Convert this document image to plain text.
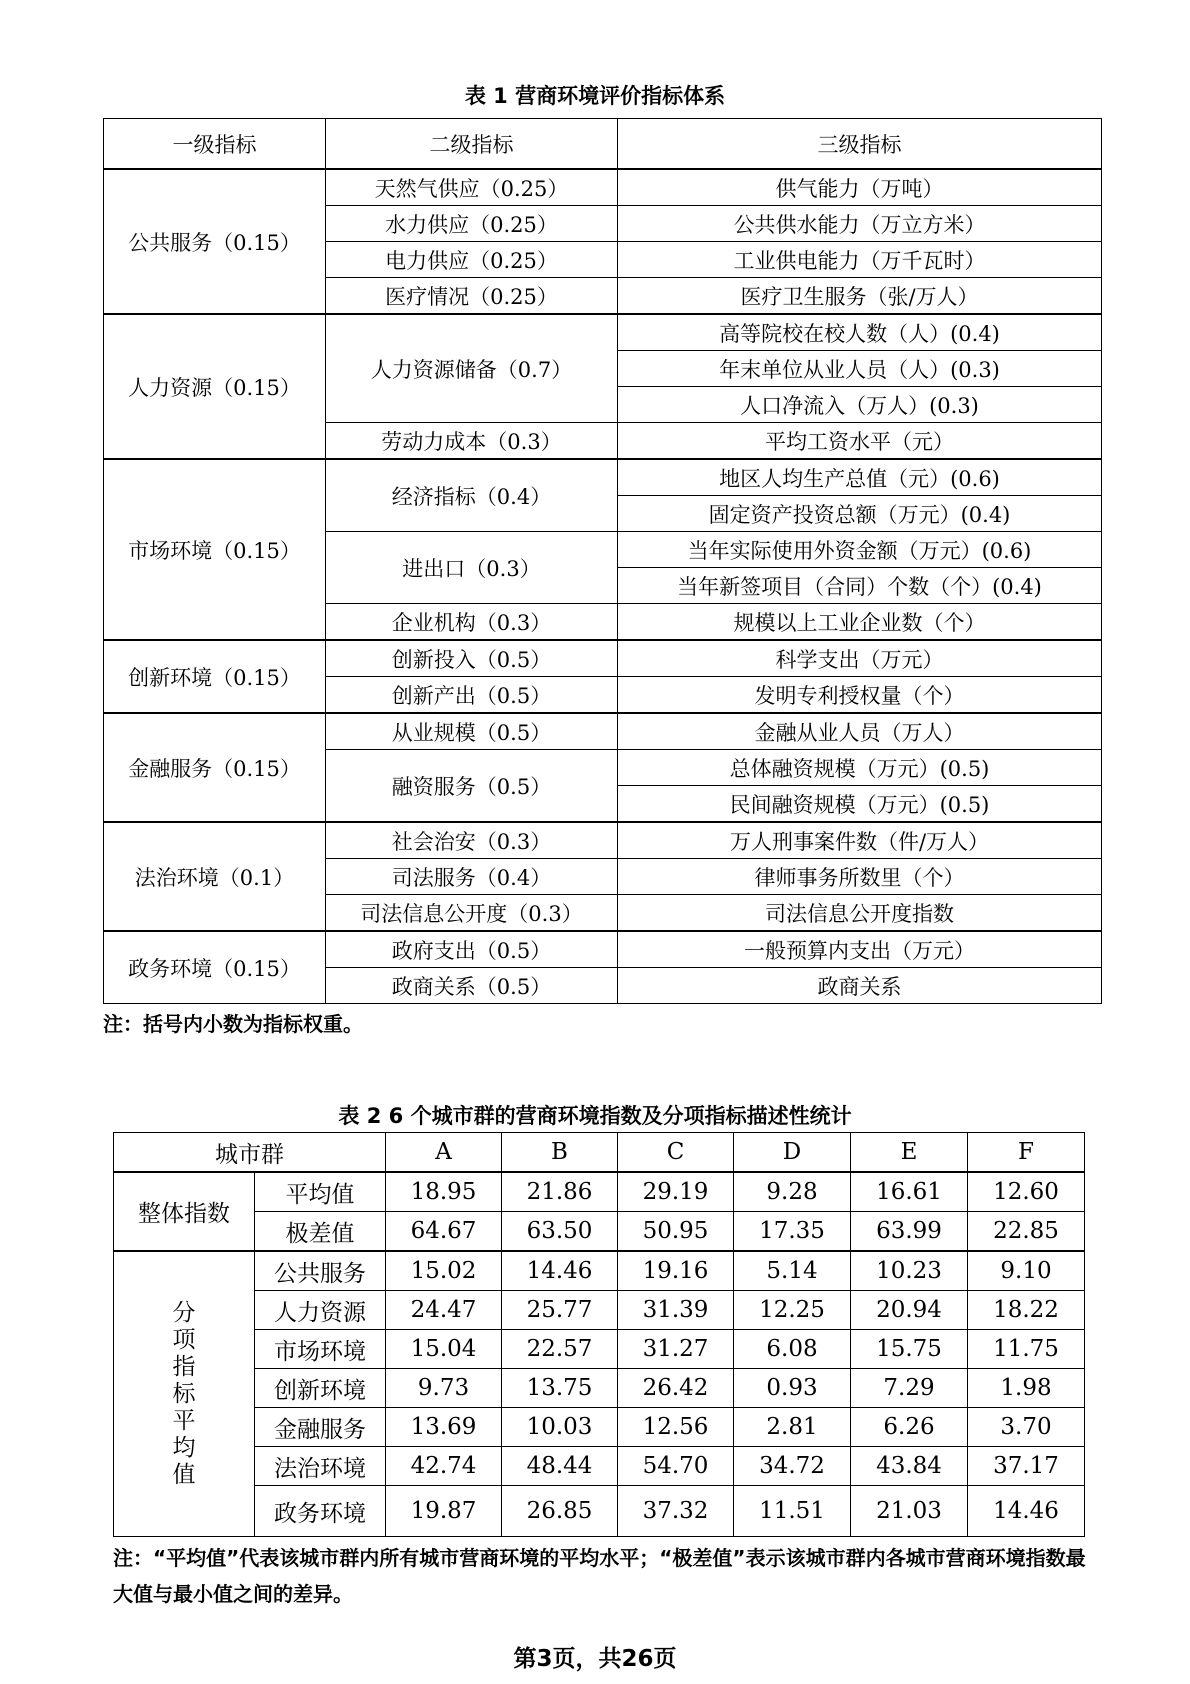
表 1 营商环境评价指标体系
一级指标	二级指标	三级指标
公共服务（0.15）	天然气供应（0.25）	供气能力（万吨）
	水力供应（0.25）	公共供水能力（万立方米）
	电力供应（0.25）	工业供电能力（万千瓦时）
	医疗情况（0.25）	医疗卫生服务（张/万人）
人力资源（0.15）	人力资源储备（0.7）	高等院校在校人数（人）(0.4)
		年末单位从业人员（人）(0.3)
		人口净流入（万人）(0.3)
	劳动力成本（0.3）	平均工资水平（元）
市场环境（0.15）	经济指标（0.4）	地区人均生产总值（元）(0.6)
		固定资产投资总额（万元）(0.4)
	进出口（0.3）	当年实际使用外资金额（万元）(0.6)
		当年新签项目（合同）个数（个）(0.4)
	企业机构（0.3）	规模以上工业企业数（个）
创新环境（0.15）	创新投入（0.5）	科学支出（万元）
	创新产出（0.5）	发明专利授权量（个）
金融服务（0.15）	从业规模（0.5）	金融从业人员（万人）
	融资服务（0.5）	总体融资规模（万元）(0.5)
		民间融资规模（万元）(0.5)
法治环境（0.1）	社会治安（0.3）	万人刑事案件数（件/万人）
	司法服务（0.4）	律师事务所数里（个）
	司法信息公开度（0.3）	司法信息公开度指数
政务环境（0.15）	政府支出（0.5）	一般预算内支出（万元）
	政商关系（0.5）	政商关系
注：括号内小数为指标权重。
表 2 6 个城市群的营商环境指数及分项指标描述性统计
城市群		A	B	C	D	E	F
整体指数	平均值	18.95	21.86	29.19	9.28	16.61	12.60
	极差值	64.67	63.50	50.95	17.35	63.99	22.85

分项指标平均值	公共服务	15.02	14.46	19.16	5.14	10.23	9.10
	人力资源	24.47	25.77	31.39	12.25	20.94	18.22
	市场环境	15.04	22.57	31.27	6.08	15.75	11.75
	创新环境	9.73	13.75	26.42	0.93	7.29	1.98
	金融服务	13.69	10.03	12.56	2.81	6.26	3.70
	法治环境	42.74	48.44	54.70	34.72	43.84	37.17
	政务环境	19.87	26.85	37.32	11.51	21.03	14.46
注：“平均值”代表该城市群内所有城市营商环境的平均水平；“极差值”表示该城市群内各城市营商环境指数最大值与最小值之间的差异。
第3页，共26页
